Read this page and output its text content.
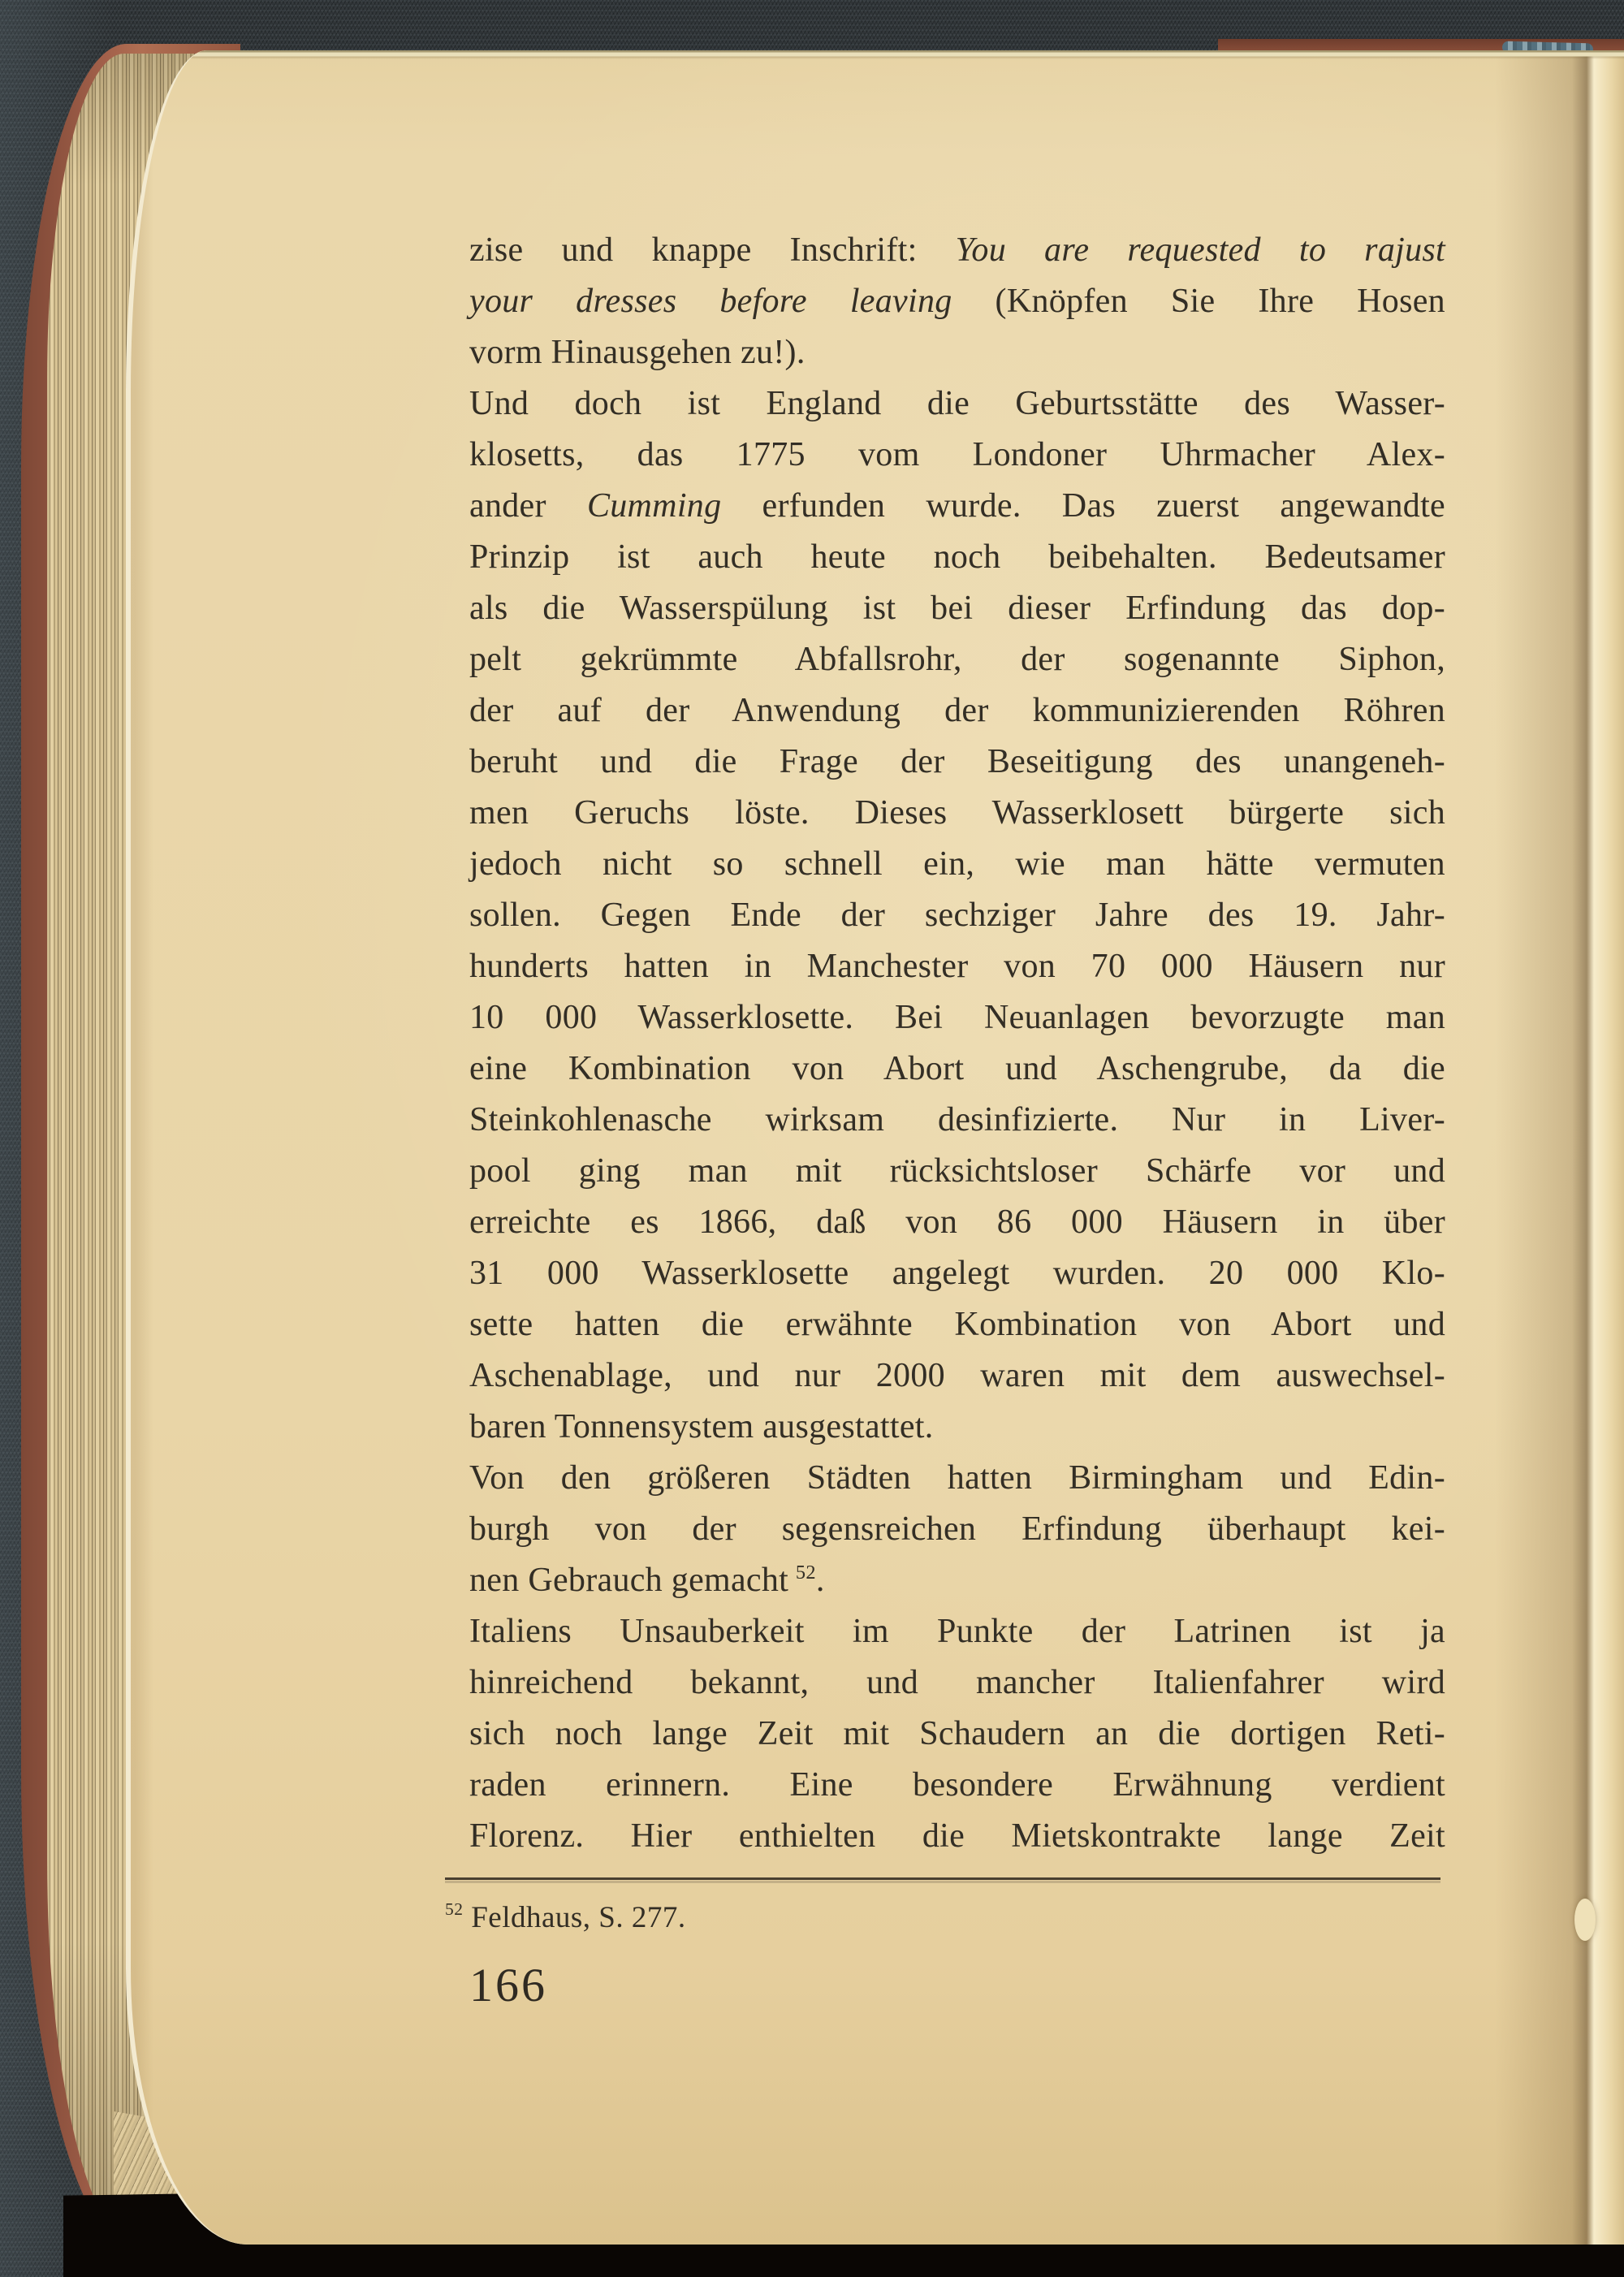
zise und knappe Inschrift: You are requested to rajust
your dresses before leaving (Knöpfen Sie Ihre Hosen
vorm Hinausgehen zu!).
Und doch ist England die Geburtsstätte des Wasser-
klosetts, das 1775 vom Londoner Uhrmacher Alex-
ander Cumming erfunden wurde. Das zuerst angewandte
Prinzip ist auch heute noch beibehalten. Bedeutsamer
als die Wasserspülung ist bei dieser Erfindung das dop-
pelt gekrümmte Abfallsrohr, der sogenannte Siphon,
der auf der Anwendung der kommunizierenden Röhren
beruht und die Frage der Beseitigung des unangeneh-
men Geruchs löste. Dieses Wasserklosett bürgerte sich
jedoch nicht so schnell ein, wie man hätte vermuten
sollen. Gegen Ende der sechziger Jahre des 19. Jahr-
hunderts hatten in Manchester von 70 000 Häusern nur
10 000 Wasserklosette. Bei Neuanlagen bevorzugte man
eine Kombination von Abort und Aschengrube, da die
Steinkohlenasche wirksam desinfizierte. Nur in Liver-
pool ging man mit rücksichtsloser Schärfe vor und
erreichte es 1866, daß von 86 000 Häusern in über
31 000 Wasserklosette angelegt wurden. 20 000 Klo-
sette hatten die erwähnte Kombination von Abort und
Aschenablage, und nur 2000 waren mit dem auswechsel-
baren Tonnensystem ausgestattet.
Von den größeren Städten hatten Birmingham und Edin-
burgh von der segensreichen Erfindung überhaupt kei-
nen Gebrauch gemacht $^{52}$.
Italiens Unsauberkeit im Punkte der Latrinen ist ja
hinreichend bekannt, und mancher Italienfahrer wird
sich noch lange Zeit mit Schaudern an die dortigen Reti-
raden erinnern. Eine besondere Erwähnung verdient
Florenz. Hier enthielten die Mietskontrakte lange Zeit
$^{52}$ Feldhaus, S. 277.
166
